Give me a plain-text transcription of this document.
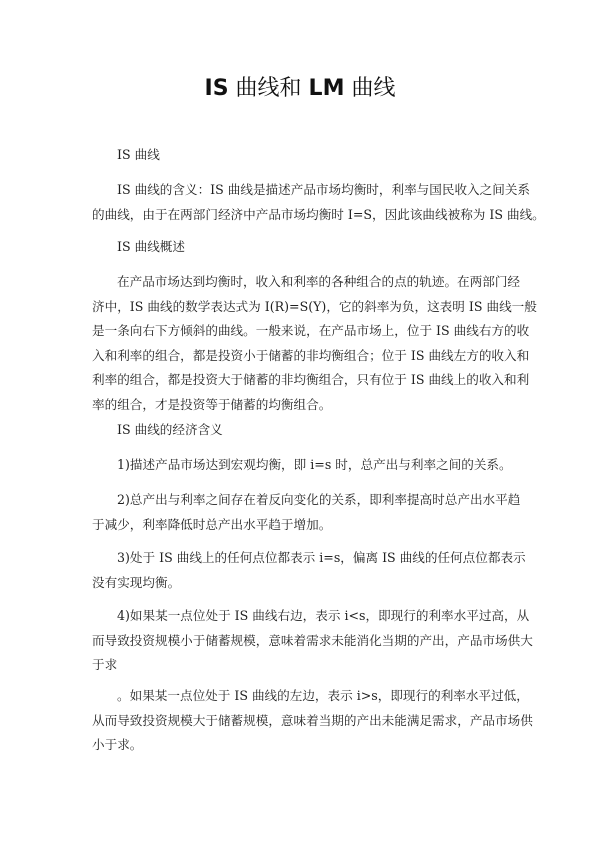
IS 曲线和 LM 曲线
IS 曲线
IS 曲线的含义：IS 曲线是描述产品市场均衡时，利率与国民收入之间关系
的曲线，由于在两部门经济中产品市场均衡时 I=S，因此该曲线被称为 IS 曲线。
IS 曲线概述
在产品市场达到均衡时，收入和利率的各种组合的点的轨迹。在两部门经
济中，IS 曲线的数学表达式为 I(R)=S(Y)，它的斜率为负，这表明 IS 曲线一般
是一条向右下方倾斜的曲线。一般来说，在产品市场上，位于 IS 曲线右方的收
入和利率的组合，都是投资小于储蓄的非均衡组合；位于 IS 曲线左方的收入和
利率的组合，都是投资大于储蓄的非均衡组合，只有位于 IS 曲线上的收入和利
率的组合，才是投资等于储蓄的均衡组合。
IS 曲线的经济含义
1)描述产品市场达到宏观均衡，即 i=s 时，总产出与利率之间的关系。
2)总产出与利率之间存在着反向变化的关系，即利率提高时总产出水平趋
于减少，利率降低时总产出水平趋于增加。
3)处于 IS 曲线上的任何点位都表示 i=s，偏离 IS 曲线的任何点位都表示
没有实现均衡。
4)如果某一点位处于 IS 曲线右边，表示 i<s，即现行的利率水平过高，从
而导致投资规模小于储蓄规模，意味着需求未能消化当期的产出，产品市场供大
于求
。如果某一点位处于 IS 曲线的左边，表示 i>s，即现行的利率水平过低，
从而导致投资规模大于储蓄规模，意味着当期的产出未能满足需求，产品市场供
小于求。
